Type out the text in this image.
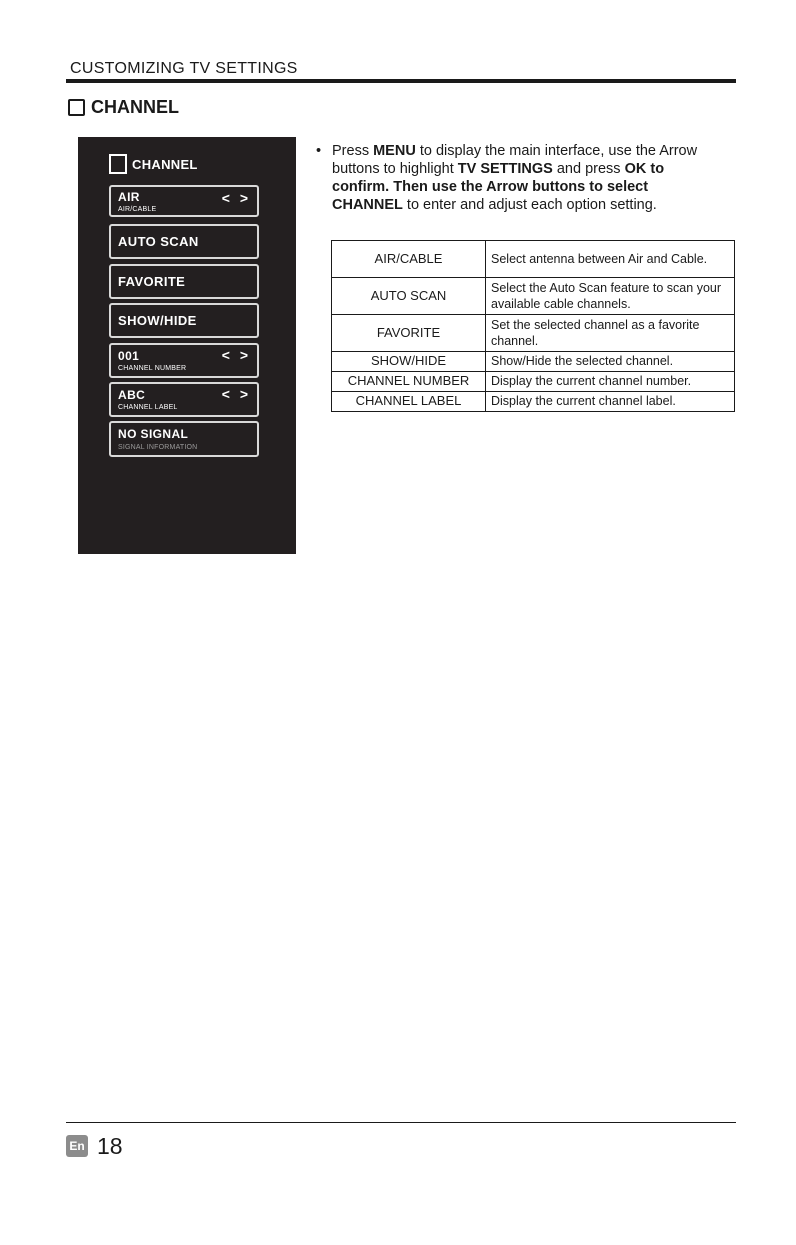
CUSTOMIZING TV SETTINGS
CHANNEL
CHANNEL
AIR
AIR/CABLE
< >
AUTO SCAN
FAVORITE
SHOW/HIDE
001
CHANNEL NUMBER
< >
ABC
CHANNEL LABEL
< >
NO SIGNAL
SIGNAL INFORMATION
• Press MENU to display the main interface, use the Arrow buttons to highlight TV SETTINGS and press OK to confirm. Then use the Arrow buttons to select CHANNEL to enter and adjust each option setting.
AIR/CABLE	Select antenna between Air and Cable.
AUTO SCAN	Select the Auto Scan feature to scan your available cable channels.
FAVORITE	Set the selected channel as a favorite channel.
SHOW/HIDE	Show/Hide the selected channel.
CHANNEL NUMBER	Display the current channel number.
CHANNEL LABEL	Display the current channel label.
En 18
